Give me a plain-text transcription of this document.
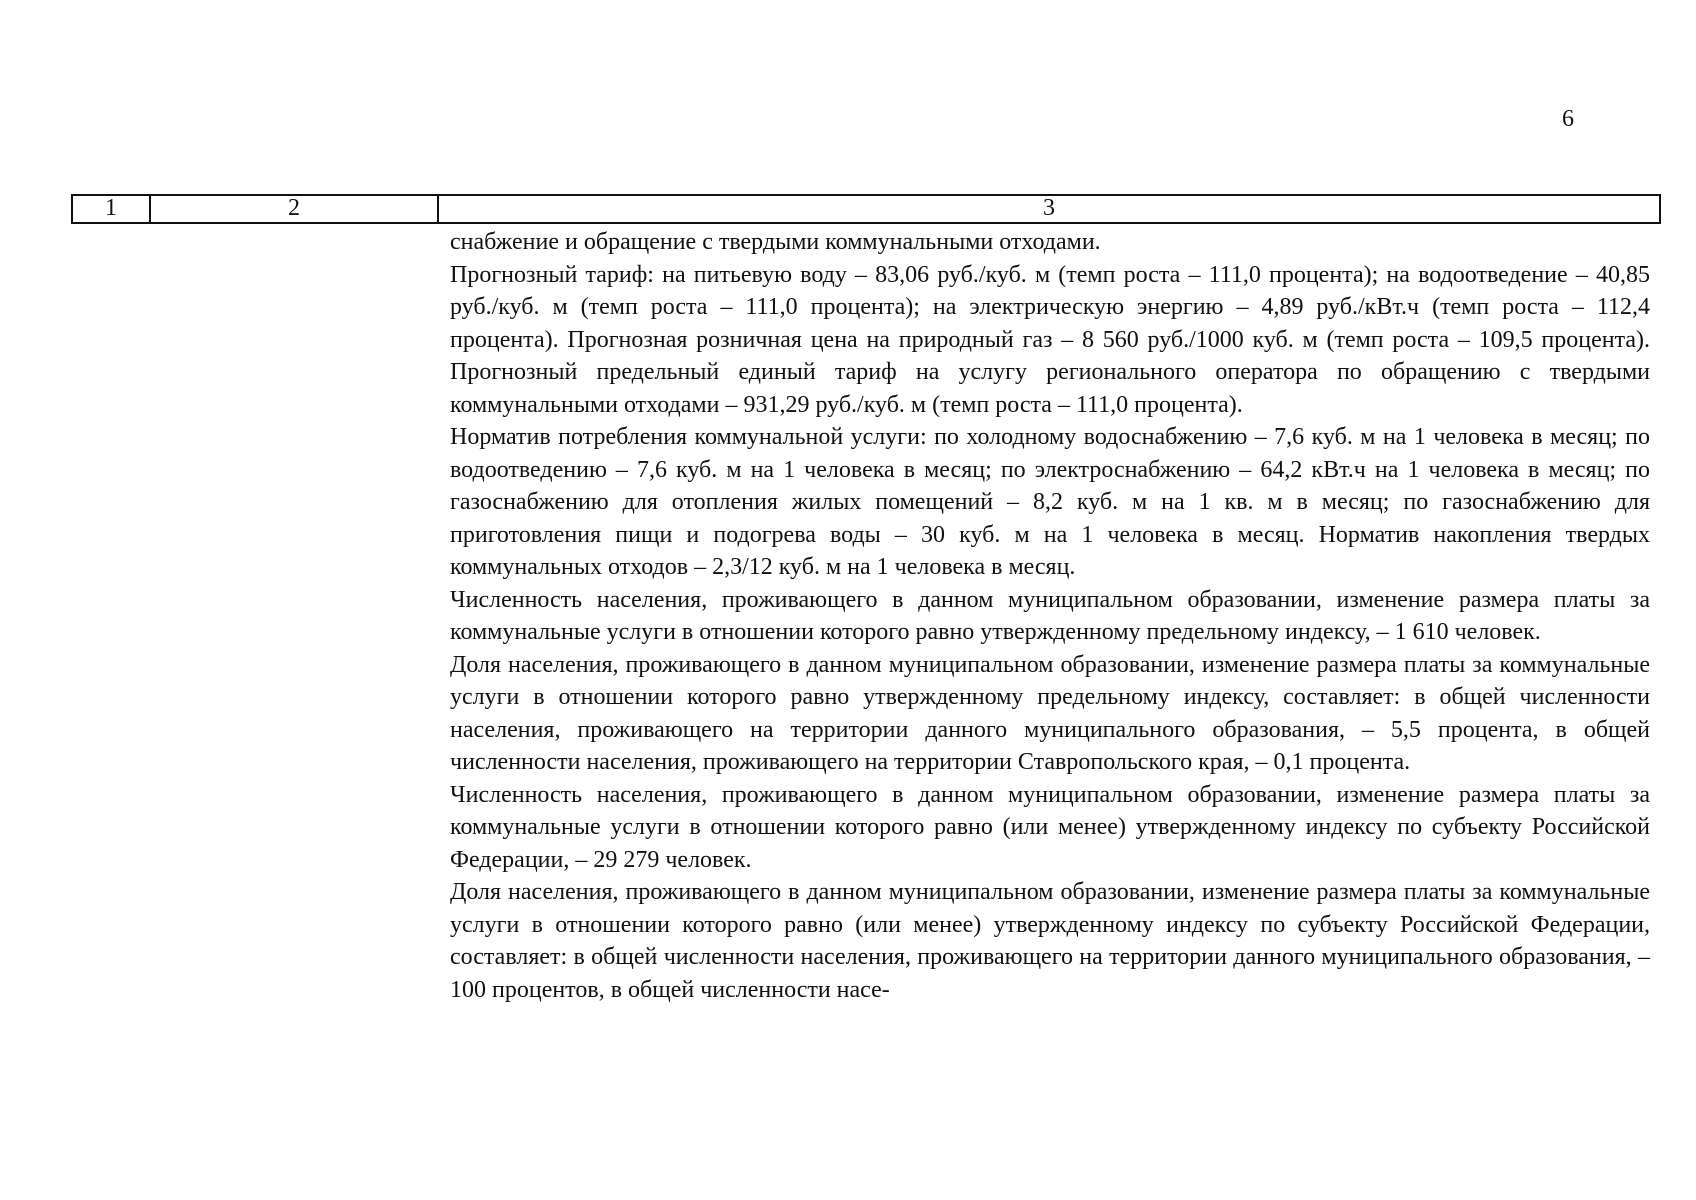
6
1	2	3

снабжение и обращение с твердыми коммунальными отходами.

Прогнозный тариф: на питьевую воду – 83,06 руб./куб. м (темп роста – 111,0 процента); на водоотведение – 40,85 руб./куб. м (темп роста – 111,0 процента); на электрическую энергию – 4,89 руб./кВт.ч (темп роста – 112,4 процента). Прогнозная розничная цена на природный газ – 8 560 руб./1000 куб. м (темп роста – 109,5 процента). Прогнозный предельный единый тариф на услугу регионального оператора по обращению с твердыми коммунальными отходами – 931,29 руб./куб. м (темп роста – 111,0 процента).

Норматив потребления коммунальной услуги: по холодному водоснабжению – 7,6 куб. м на 1 человека в месяц; по водоотведению – 7,6 куб. м на 1 человека в месяц; по электроснабжению – 64,2 кВт.ч на 1 человека в месяц; по газоснабжению для отопления жилых помещений – 8,2 куб. м на 1 кв. м в месяц; по газоснабжению для приготовления пищи и подогрева воды – 30 куб. м на 1 человека в месяц. Норматив накопления твердых коммунальных отходов – 2,3/12 куб. м на 1 человека в месяц.

Численность населения, проживающего в данном муниципальном образовании, изменение размера платы за коммунальные услуги в отношении которого равно утвержденному предельному индексу, – 1 610 человек.

Доля населения, проживающего в данном муниципальном образовании, изменение размера платы за коммунальные услуги в отношении которого равно утвержденному предельному индексу, составляет: в общей численности населения, проживающего на территории данного муниципального образования, – 5,5 процента, в общей численности населения, проживающего на территории Ставропольского края, – 0,1 процента.

Численность населения, проживающего в данном муниципальном образовании, изменение размера платы за коммунальные услуги в отношении которого равно (или менее) утвержденному индексу по субъекту Российской Федерации, – 29 279 человек.

Доля населения, проживающего в данном муниципальном образовании, изменение размера платы за коммунальные услуги в отношении которого равно (или менее) утвержденному индексу по субъекту Российской Федерации, составляет: в общей численности населения, проживающего на территории данного муниципального образования, – 100 процентов, в общей численности насе-
